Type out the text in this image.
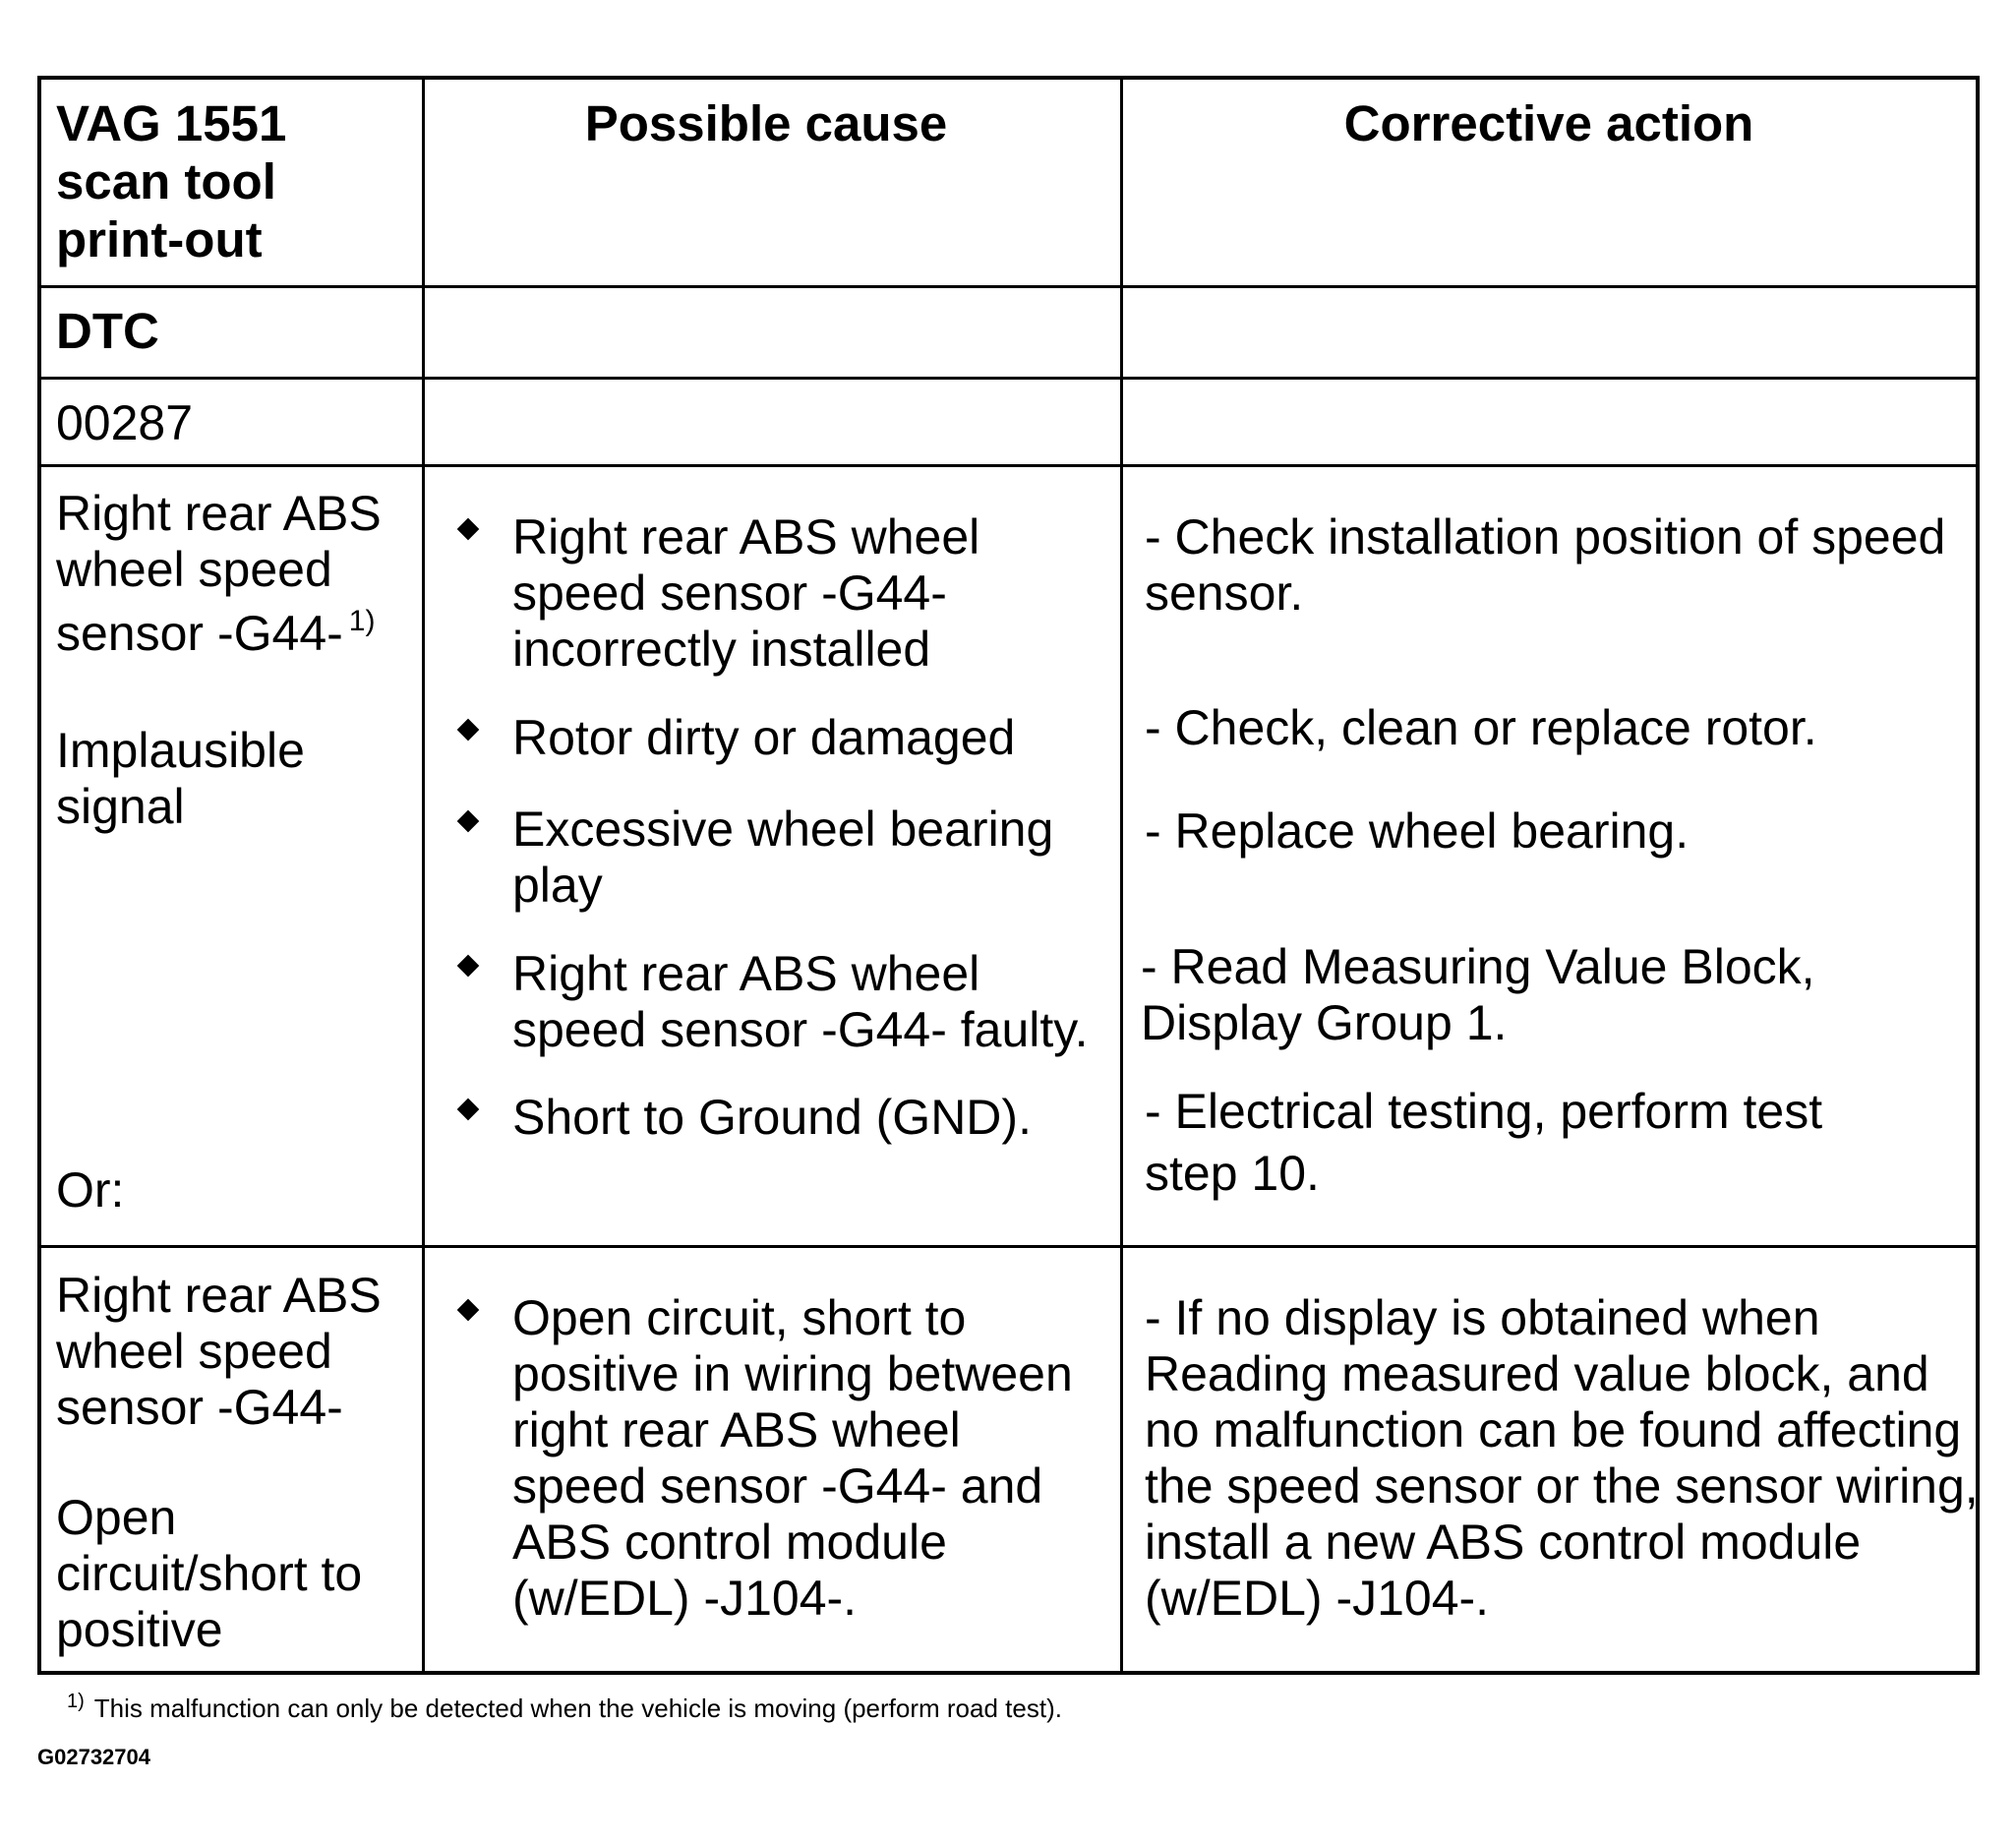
VAG 1551
scan tool
print-out
Possible cause	Corrective action
DTC
00287
Right rear ABS
wheel speed
sensor -G44- $^{1)}$
Implausible
signal
Or:
Right rear ABS wheel
speed sensor -G44-
incorrectly installed
Rotor dirty or damaged
Excessive wheel bearing
play
Right rear ABS wheel
speed sensor -G44- faulty.
Short to Ground (GND).
- Check installation position of speed
sensor.
- Check, clean or replace rotor.
- Replace wheel bearing.
- Read Measuring Value Block,
Display Group 1.
- Electrical testing, perform test
step 10.
Right rear ABS
wheel speed
sensor -G44-
Open
circuit/short to
positive
Open circuit, short to
positive in wiring between
right rear ABS wheel
speed sensor -G44- and
ABS control module
(w/EDL) -J104-.
- If no display is obtained when
Reading measured value block, and
no malfunction can be found affecting
the speed sensor or the sensor wiring,
install a new ABS control module
(w/EDL) -J104-.
$^{1)}$ This malfunction can only be detected when the vehicle is moving (perform road test).
G02732704
